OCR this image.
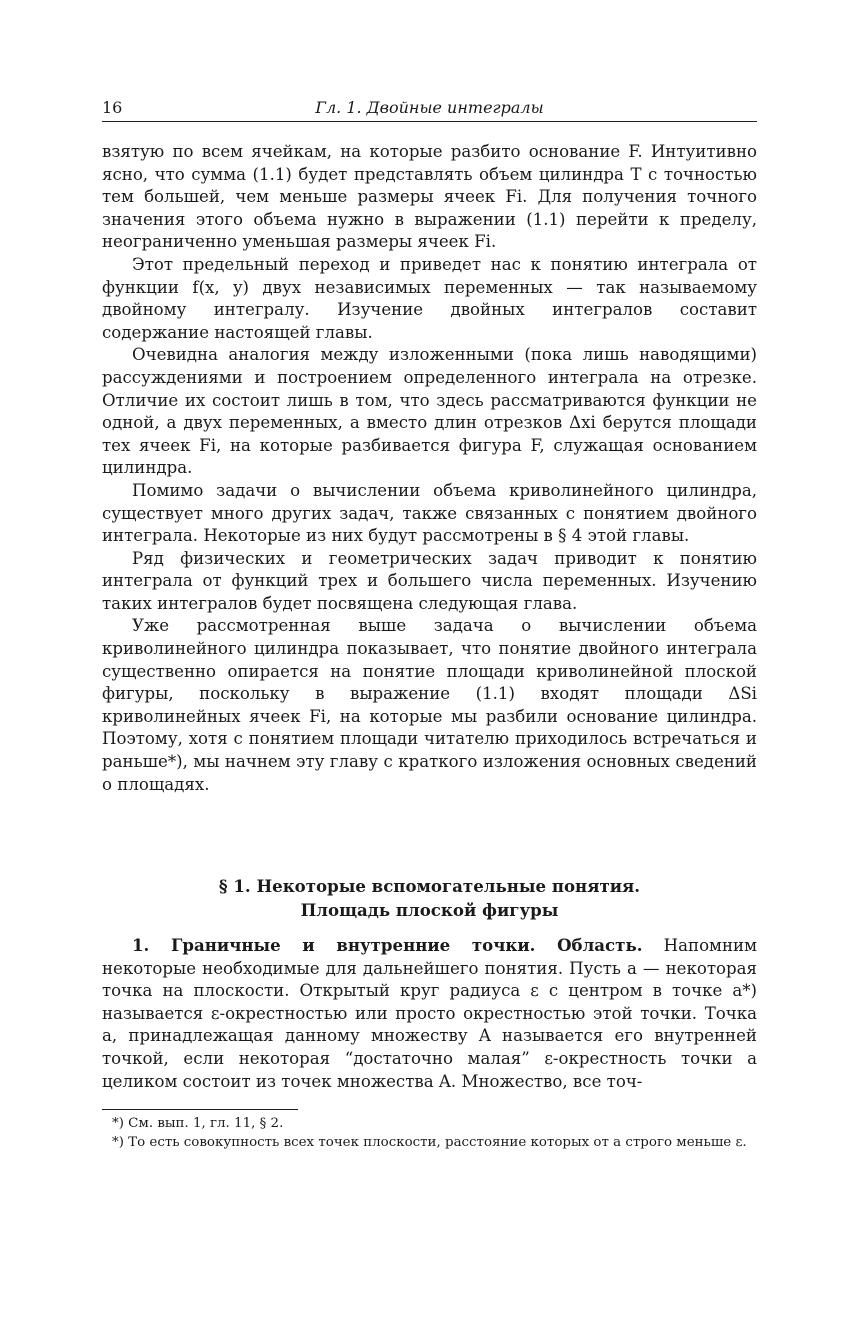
16	Гл. 1. Двойные интегралы

взятую по всем ячейкам, на которые разбито основание F. Интуитивно ясно, что сумма (1.1) будет представлять объем цилиндра T с точностью тем большей, чем меньше размеры ячеек Fi. Для получения точного значения этого объема нужно в выражении (1.1) перейти к пределу, неограниченно уменьшая размеры ячеек Fi.

Этот предельный переход и приведет нас к понятию интеграла от функции f(x, y) двух независимых переменных — так называемому двойному интегралу. Изучение двойных интегралов составит содержание настоящей главы.

Очевидна аналогия между изложенными (пока лишь наводящими) рассуждениями и построением определенного интеграла на отрезке. Отличие их состоит лишь в том, что здесь рассматриваются функции не одной, а двух переменных, а вместо длин отрезков Δxi берутся площади тех ячеек Fi, на которые разбивается фигура F, служащая основанием цилиндра.

Помимо задачи о вычислении объема криволинейного цилиндра, существует много других задач, также связанных с понятием двойного интеграла. Некоторые из них будут рассмотрены в § 4 этой главы.

Ряд физических и геометрических задач приводит к понятию интеграла от функций трех и большего числа переменных. Изучению таких интегралов будет посвящена следующая глава.

Уже рассмотренная выше задача о вычислении объема криволинейного цилиндра показывает, что понятие двойного интеграла существенно опирается на понятие площади криволинейной плоской фигуры, поскольку в выражение (1.1) входят площади ΔSi криволинейных ячеек Fi, на которые мы разбили основание цилиндра. Поэтому, хотя с понятием площади читателю приходилось встречаться и раньше*), мы начнем эту главу с краткого изложения основных сведений о площадях.

§ 1. Некоторые вспомогательные понятия.
Площадь плоской фигуры

1. Граничные и внутренние точки. Область. Напомним некоторые необходимые для дальнейшего понятия. Пусть a — некоторая точка на плоскости. Открытый круг радиуса ε с центром в точке a*) называется ε-окрестностью или просто окрестностью этой точки. Точка a, принадлежащая данному множеству A называется его внутренней точкой, если некоторая “достаточно малая” ε-окрестность точки a целиком состоит из точек множества A. Множество, все точ-

*) См. вып. 1, гл. 11, § 2.

*) То есть совокупность всех точек плоскости, расстояние которых от a строго меньше ε.
